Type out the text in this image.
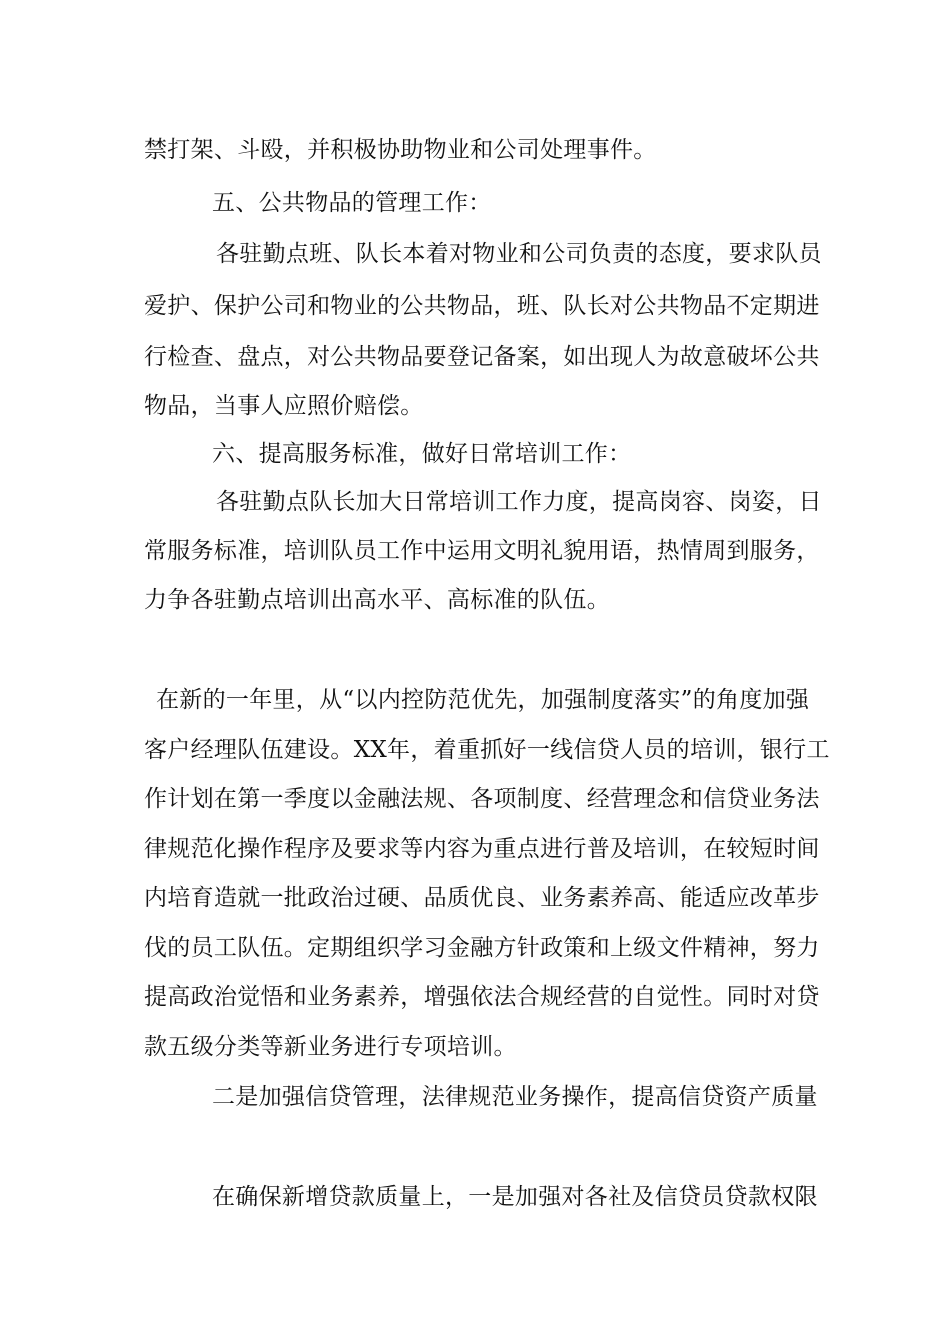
禁打架、斗殴，并积极协助物业和公司处理事件。
五、公共物品的管理工作：
各驻勤点班、队长本着对物业和公司负责的态度，要求队员
爱护、保护公司和物业的公共物品，班、队长对公共物品不定期进
行检查、盘点，对公共物品要登记备案，如出现人为故意破坏公共
物品，当事人应照价赔偿。
六、提高服务标准，做好日常培训工作：
各驻勤点队长加大日常培训工作力度，提高岗容、岗姿，日
常服务标准，培训队员工作中运用文明礼貌用语，热情周到服务，
力争各驻勤点培训出高水平、高标准的队伍。
在新的一年里，从“以内控防范优先，加强制度落实”的角度加强
客户经理队伍建设。XX年，着重抓好一线信贷人员的培训，银行工
作计划在第一季度以金融法规、各项制度、经营理念和信贷业务法
律规范化操作程序及要求等内容为重点进行普及培训，在较短时间
内培育造就一批政治过硬、品质优良、业务素养高、能适应改革步
伐的员工队伍。定期组织学习金融方针政策和上级文件精神，努力
提高政治觉悟和业务素养，增强依法合规经营的自觉性。同时对贷
款五级分类等新业务进行专项培训。
二是加强信贷管理，法律规范业务操作，提高信贷资产质量
在确保新增贷款质量上，一是加强对各社及信贷员贷款权限
